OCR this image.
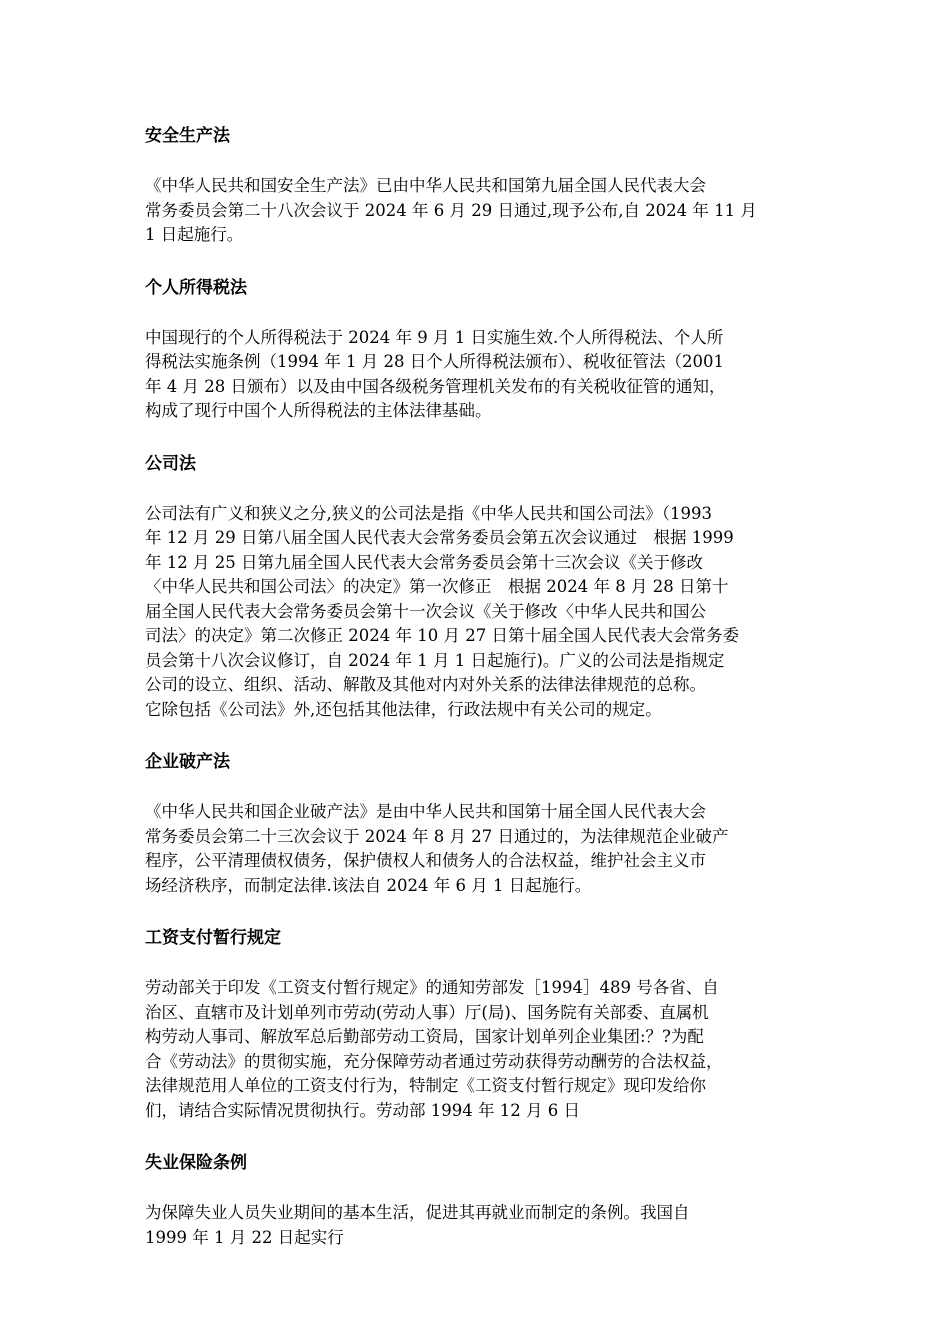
安全生产法
《中华人民共和国安全生产法》已由中华人民共和国第九届全国人民代表大会
常务委员会第二十八次会议于 2024 年 6 月 29 日通过,现予公布,自 2024 年 11 月
1 日起施行。
个人所得税法
中国现行的个人所得税法于 2024 年 9 月 1 日实施生效.个人所得税法、个人所
得税法实施条例（1994 年 1 月 28 日个人所得税法颁布）、税收征管法（2001
年 4 月 28 日颁布）以及由中国各级税务管理机关发布的有关税收征管的通知，
构成了现行中国个人所得税法的主体法律基础。
公司法
公司法有广义和狭义之分,狭义的公司法是指《中华人民共和国公司法》（1993
年 12 月 29 日第八届全国人民代表大会常务委员会第五次会议通过　根据 1999
年 12 月 25 日第九届全国人民代表大会常务委员会第十三次会议《关于修改
〈中华人民共和国公司法〉的决定》第一次修正　根据 2024 年 8 月 28 日第十
届全国人民代表大会常务委员会第十一次会议《关于修改〈中华人民共和国公
司法〉的决定》第二次修正 2024 年 10 月 27 日第十届全国人民代表大会常务委
员会第十八次会议修订，自 2024 年 1 月 1 日起施行)。广义的公司法是指规定
公司的设立、组织、活动、解散及其他对内对外关系的法律法律规范的总称。
它除包括《公司法》外,还包括其他法律，行政法规中有关公司的规定。
企业破产法
《中华人民共和国企业破产法》是由中华人民共和国第十届全国人民代表大会
常务委员会第二十三次会议于 2024 年 8 月 27 日通过的，为法律规范企业破产
程序，公平清理债权债务，保护债权人和债务人的合法权益，维护社会主义市
场经济秩序，而制定法律.该法自 2024 年 6 月 1 日起施行。
工资支付暂行规定
劳动部关于印发《工资支付暂行规定》的通知劳部发［1994］489 号各省、自
治区、直辖市及计划单列市劳动(劳动人事）厅(局)、国务院有关部委、直属机
构劳动人事司、解放军总后勤部劳动工资局，国家计划单列企业集团:？?为配
合《劳动法》的贯彻实施，充分保障劳动者通过劳动获得劳动酬劳的合法权益，
法律规范用人单位的工资支付行为，特制定《工资支付暂行规定》现印发给你
们，请结合实际情况贯彻执行。劳动部 1994 年 12 月 6 日
失业保险条例
为保障失业人员失业期间的基本生活，促进其再就业而制定的条例。我国自
1999 年 1 月 22 日起实行
